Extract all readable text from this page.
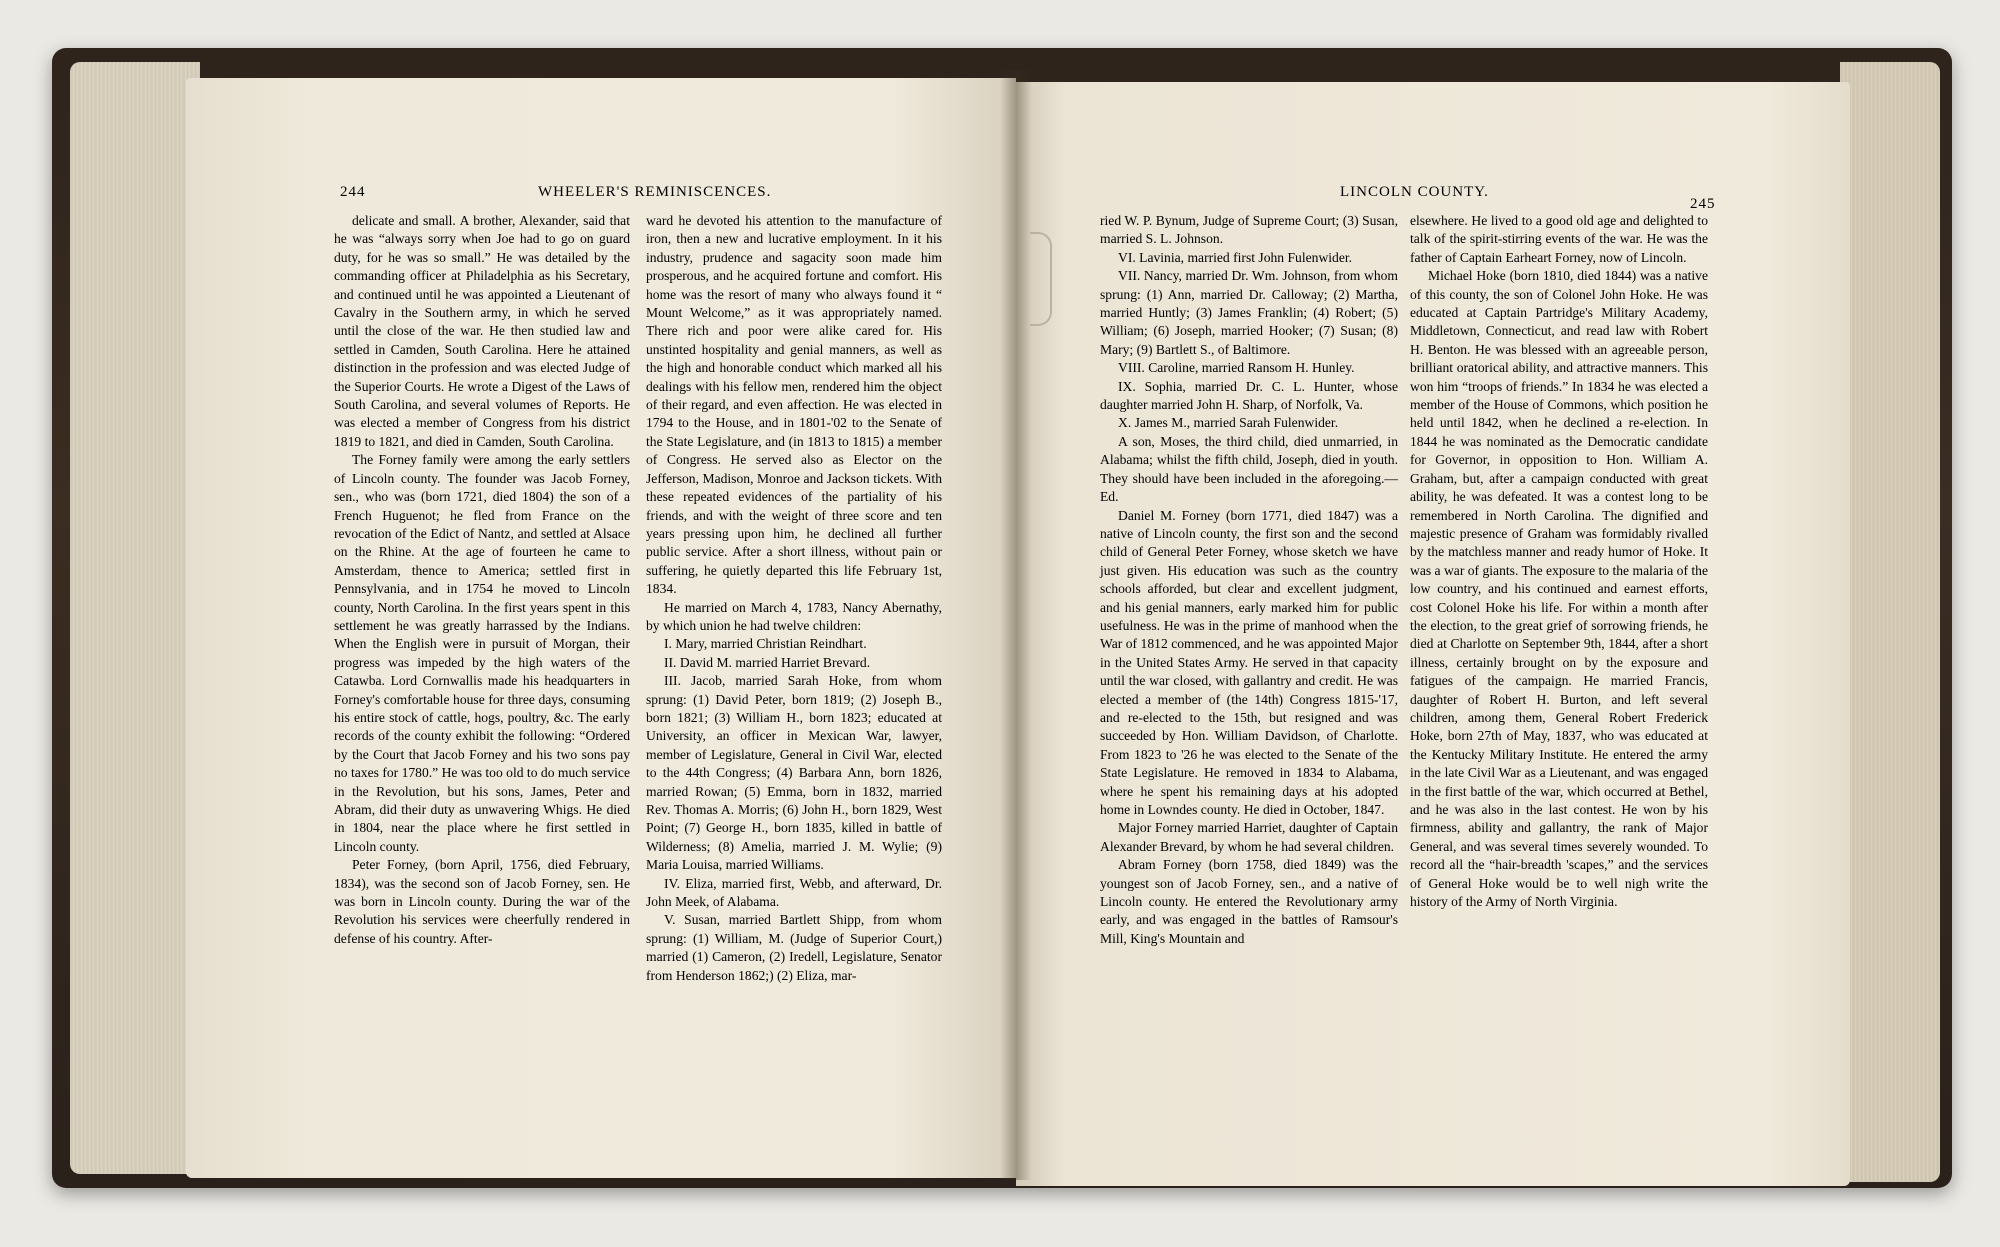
244	WHEELER'S REMINISCENCES.	LINCOLN COUNTY.
245

delicate and small. A brother, Alexander, said that he was “always sorry when Joe had to go on guard duty, for he was so small.” He was detailed by the commanding officer at Philadelphia as his Secretary, and continued until he was appointed a Lieutenant of Cavalry in the Southern army, in which he served until the close of the war. He then studied law and settled in Camden, South Carolina. Here he attained distinction in the profession and was elected Judge of the Superior Courts. He wrote a Digest of the Laws of South Carolina, and several volumes of Reports. He was elected a member of Congress from his district 1819 to 1821, and died in Camden, South Carolina.

The Forney family were among the early settlers of Lincoln county. The founder was Jacob Forney, sen., who was (born 1721, died 1804) the son of a French Huguenot; he fled from France on the revocation of the Edict of Nantz, and settled at Alsace on the Rhine. At the age of fourteen he came to Amsterdam, thence to America; settled first in Pennsylvania, and in 1754 he moved to Lincoln county, North Carolina. In the first years spent in this settlement he was greatly harrassed by the Indians. When the English were in pursuit of Morgan, their progress was impeded by the high waters of the Catawba. Lord Cornwallis made his headquarters in Forney's comfortable house for three days, consuming his entire stock of cattle, hogs, poultry, &c. The early records of the county exhibit the following: “Ordered by the Court that Jacob Forney and his two sons pay no taxes for 1780.” He was too old to do much service in the Revolution, but his sons, James, Peter and Abram, did their duty as unwavering Whigs. He died in 1804, near the place where he first settled in Lincoln county.

Peter Forney, (born April, 1756, died February, 1834), was the second son of Jacob Forney, sen. He was born in Lincoln county. During the war of the Revolution his services were cheerfully rendered in defense of his country. After-

ward he devoted his attention to the manufacture of iron, then a new and lucrative employment. In it his industry, prudence and sagacity soon made him prosperous, and he acquired fortune and comfort. His home was the resort of many who always found it “ Mount Welcome,” as it was appropriately named. There rich and poor were alike cared for. His unstinted hospitality and genial manners, as well as the high and honorable conduct which marked all his dealings with his fellow men, rendered him the object of their regard, and even affection. He was elected in 1794 to the House, and in 1801-'02 to the Senate of the State Legislature, and (in 1813 to 1815) a member of Congress. He served also as Elector on the Jefferson, Madison, Monroe and Jackson tickets. With these repeated evidences of the partiality of his friends, and with the weight of three score and ten years pressing upon him, he declined all further public service. After a short illness, without pain or suffering, he quietly departed this life February 1st, 1834.

He married on March 4, 1783, Nancy Abernathy, by which union he had twelve children:

I. Mary, married Christian Reindhart.

II. David M. married Harriet Brevard.

III. Jacob, married Sarah Hoke, from whom sprung: (1) David Peter, born 1819; (2) Joseph B., born 1821; (3) William H., born 1823; educated at University, an officer in Mexican War, lawyer, member of Legislature, General in Civil War, elected to the 44th Congress; (4) Barbara Ann, born 1826, married Rowan; (5) Emma, born in 1832, married Rev. Thomas A. Morris; (6) John H., born 1829, West Point; (7) George H., born 1835, killed in battle of Wilderness; (8) Amelia, married J. M. Wylie; (9) Maria Louisa, married Williams.

IV. Eliza, married first, Webb, and afterward, Dr. John Meek, of Alabama.

V. Susan, married Bartlett Shipp, from whom sprung: (1) William, M. (Judge of Superior Court,) married (1) Cameron, (2) Iredell, Legislature, Senator from Henderson 1862;) (2) Eliza, mar-

ried W. P. Bynum, Judge of Supreme Court; (3) Susan, married S. L. Johnson.

VI. Lavinia, married first John Fulenwider.

VII. Nancy, married Dr. Wm. Johnson, from whom sprung: (1) Ann, married Dr. Calloway; (2) Martha, married Huntly; (3) James Franklin; (4) Robert; (5) William; (6) Joseph, married Hooker; (7) Susan; (8) Mary; (9) Bartlett S., of Baltimore.

VIII. Caroline, married Ransom H. Hunley.

IX. Sophia, married Dr. C. L. Hunter, whose daughter married John H. Sharp, of Norfolk, Va.

X. James M., married Sarah Fulenwider.

A son, Moses, the third child, died unmarried, in Alabama; whilst the fifth child, Joseph, died in youth. They should have been included in the aforegoing.—Ed.

Daniel M. Forney (born 1771, died 1847) was a native of Lincoln county, the first son and the second child of General Peter Forney, whose sketch we have just given. His education was such as the country schools afforded, but clear and excellent judgment, and his genial manners, early marked him for public usefulness. He was in the prime of manhood when the War of 1812 commenced, and he was appointed Major in the United States Army. He served in that capacity until the war closed, with gallantry and credit. He was elected a member of (the 14th) Congress 1815-'17, and re-elected to the 15th, but resigned and was succeeded by Hon. William Davidson, of Charlotte. From 1823 to '26 he was elected to the Senate of the State Legislature. He removed in 1834 to Alabama, where he spent his remaining days at his adopted home in Lowndes county. He died in October, 1847.

Major Forney married Harriet, daughter of Captain Alexander Brevard, by whom he had several children.

Abram Forney (born 1758, died 1849) was the youngest son of Jacob Forney, sen., and a native of Lincoln county. He entered the Revolutionary army early, and was engaged in the battles of Ramsour's Mill, King's Mountain and

elsewhere. He lived to a good old age and delighted to talk of the spirit-stirring events of the war. He was the father of Captain Earheart Forney, now of Lincoln.

Michael Hoke (born 1810, died 1844) was a native of this county, the son of Colonel John Hoke. He was educated at Captain Partridge's Military Academy, Middletown, Connecticut, and read law with Robert H. Benton. He was blessed with an agreeable person, brilliant oratorical ability, and attractive manners. This won him “troops of friends.” In 1834 he was elected a member of the House of Commons, which position he held until 1842, when he declined a re-election. In 1844 he was nominated as the Democratic candidate for Governor, in opposition to Hon. William A. Graham, but, after a campaign conducted with great ability, he was defeated. It was a contest long to be remembered in North Carolina. The dignified and majestic presence of Graham was formidably rivalled by the matchless manner and ready humor of Hoke. It was a war of giants. The exposure to the malaria of the low country, and his continued and earnest efforts, cost Colonel Hoke his life. For within a month after the election, to the great grief of sorrowing friends, he died at Charlotte on September 9th, 1844, after a short illness, certainly brought on by the exposure and fatigues of the campaign. He married Francis, daughter of Robert H. Burton, and left several children, among them, General Robert Frederick Hoke, born 27th of May, 1837, who was educated at the Kentucky Military Institute. He entered the army in the late Civil War as a Lieutenant, and was engaged in the first battle of the war, which occurred at Bethel, and he was also in the last contest. He won by his firmness, ability and gallantry, the rank of Major General, and was several times severely wounded. To record all the “hair-breadth 'scapes,” and the services of General Hoke would be to well nigh write the history of the Army of North Virginia.
